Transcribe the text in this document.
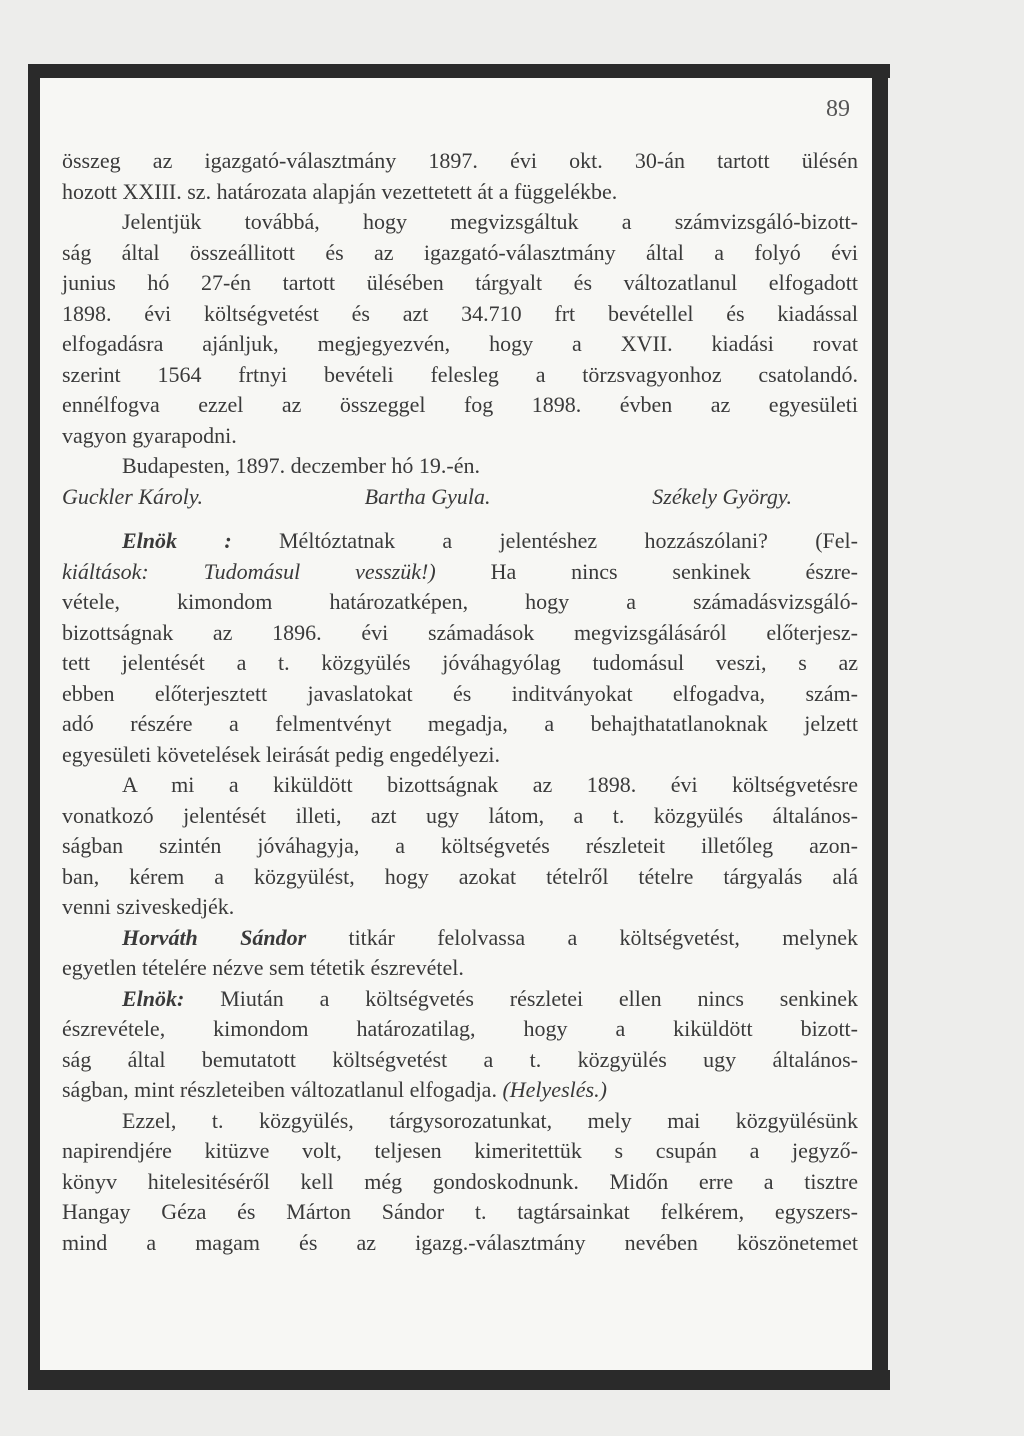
89
összeg az igazgató-választmány 1897. évi okt. 30-án tartott ülésén
hozott XXIII. sz. határozata alapján vezettetett át a függelékbe.
Jelentjük továbbá, hogy megvizsgáltuk a számvizsgáló-bizott-
ság által összeállitott és az igazgató-választmány által a folyó évi
junius hó 27-én tartott ülésében tárgyalt és változatlanul elfogadott
1898. évi költségvetést és azt 34.710 frt bevétellel és kiadással
elfogadásra ajánljuk, megjegyezvén, hogy a XVII. kiadási rovat
szerint 1564 frtnyi bevételi felesleg a törzsvagyonhoz csatolandó.
ennélfogva ezzel az összeggel fog 1898. évben az egyesületi
vagyon gyarapodni.
Budapesten, 1897. deczember hó 19.-én.
Guckler Károly.	Bartha Gyula.	Székely György.
Elnök : Méltóztatnak a jelentéshez hozzászólani? (Fel-
kiáltások: Tudomásul vesszük!) Ha nincs senkinek észre-
vétele, kimondom határozatképen, hogy a számadásvizsgáló-
bizottságnak az 1896. évi számadások megvizsgálásáról előterjesz-
tett jelentését a t. közgyülés jóváhagyólag tudomásul veszi, s az
ebben előterjesztett javaslatokat és inditványokat elfogadva, szám-
adó részére a felmentvényt megadja, a behajthatatlanoknak jelzett
egyesületi követelések leirását pedig engedélyezi.
A mi a kiküldött bizottságnak az 1898. évi költségvetésre
vonatkozó jelentését illeti, azt ugy látom, a t. közgyülés általános-
ságban szintén jóváhagyja, a költségvetés részleteit illetőleg azon-
ban, kérem a közgyülést, hogy azokat tételről tételre tárgyalás alá
venni sziveskedjék.
Horváth Sándor titkár felolvassa a költségvetést, melynek
egyetlen tételére nézve sem tétetik észrevétel.
Elnök: Miután a költségvetés részletei ellen nincs senkinek
észrevétele, kimondom határozatilag, hogy a kiküldött bizott-
ság által bemutatott költségvetést a t. közgyülés ugy általános-
ságban, mint részleteiben változatlanul elfogadja. (Helyeslés.)
Ezzel, t. közgyülés, tárgysorozatunkat, mely mai közgyülésünk
napirendjére kitüzve volt, teljesen kimeritettük s csupán a jegyző-
könyv hitelesitéséről kell még gondoskodnunk. Midőn erre a tisztre
Hangay Géza és Márton Sándor t. tagtársainkat felkérem, egyszers-
mind a magam és az igazg.-választmány nevében köszönetemet
